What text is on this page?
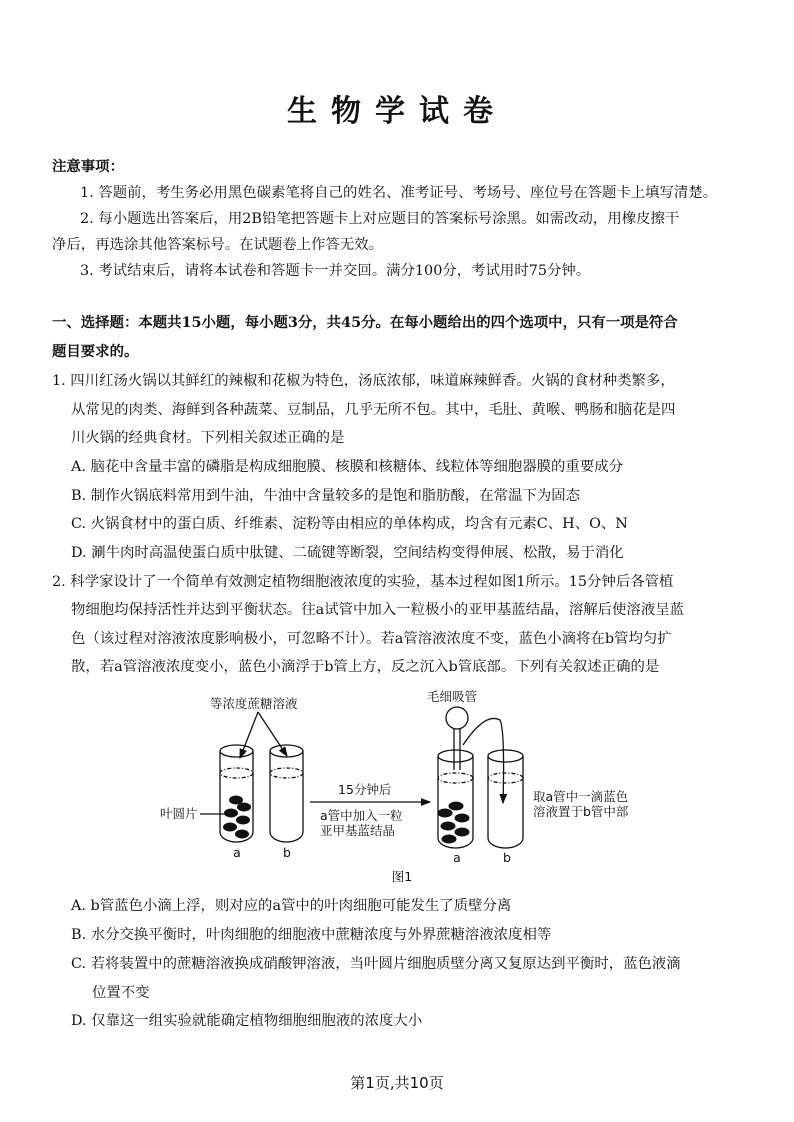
生物学试卷
注意事项：
1. 答题前，考生务必用黑色碳素笔将自己的姓名、准考证号、考场号、座位号在答题卡上填写清楚。
2. 每小题选出答案后，用2B铅笔把答题卡上对应题目的答案标号涂黑。如需改动，用橡皮擦干
净后，再选涂其他答案标号。在试题卷上作答无效。
3. 考试结束后，请将本试卷和答题卡一并交回。满分100分，考试用时75分钟。
一、选择题：本题共15小题，每小题3分，共45分。在每小题给出的四个选项中，只有一项是符合
题目要求的。
1. 四川红汤火锅以其鲜红的辣椒和花椒为特色，汤底浓郁，味道麻辣鲜香。火锅的食材种类繁多，
从常见的肉类、海鲜到各种蔬菜、豆制品，几乎无所不包。其中，毛肚、黄喉、鸭肠和脑花是四
川火锅的经典食材。下列相关叙述正确的是
A. 脑花中含量丰富的磷脂是构成细胞膜、核膜和核糖体、线粒体等细胞器膜的重要成分
B. 制作火锅底料常用到牛油，牛油中含量较多的是饱和脂肪酸，在常温下为固态
C. 火锅食材中的蛋白质、纤维素、淀粉等由相应的单体构成，均含有元素C、H、O、N
D. 涮牛肉时高温使蛋白质中肽键、二硫键等断裂，空间结构变得伸展、松散，易于消化
2. 科学家设计了一个简单有效测定植物细胞液浓度的实验，基本过程如图1所示。15分钟后各管植
物细胞均保持活性并达到平衡状态。往a试管中加入一粒极小的亚甲基蓝结晶，溶解后使溶液呈蓝
色（该过程对溶液浓度影响极小，可忽略不计）。若a管溶液浓度不变，蓝色小滴将在b管均匀扩
散，若a管溶液浓度变小，蓝色小滴浮于b管上方，反之沉入b管底部。下列有关叙述正确的是
等浓度蔗糖溶液
叶圆片
15分钟后
a管中加入一粒
亚甲基蓝结晶
毛细吸管
取a管中一滴蓝色
溶液置于b管中部
a	b	a	b
图1
A. b管蓝色小滴上浮，则对应的a管中的叶肉细胞可能发生了质壁分离
B. 水分交换平衡时，叶肉细胞的细胞液中蔗糖浓度与外界蔗糖溶液浓度相等
C. 若将装置中的蔗糖溶液换成硝酸钾溶液，当叶圆片细胞质壁分离又复原达到平衡时，蓝色液滴
位置不变
D. 仅靠这一组实验就能确定植物细胞细胞液的浓度大小
第1页,共10页
